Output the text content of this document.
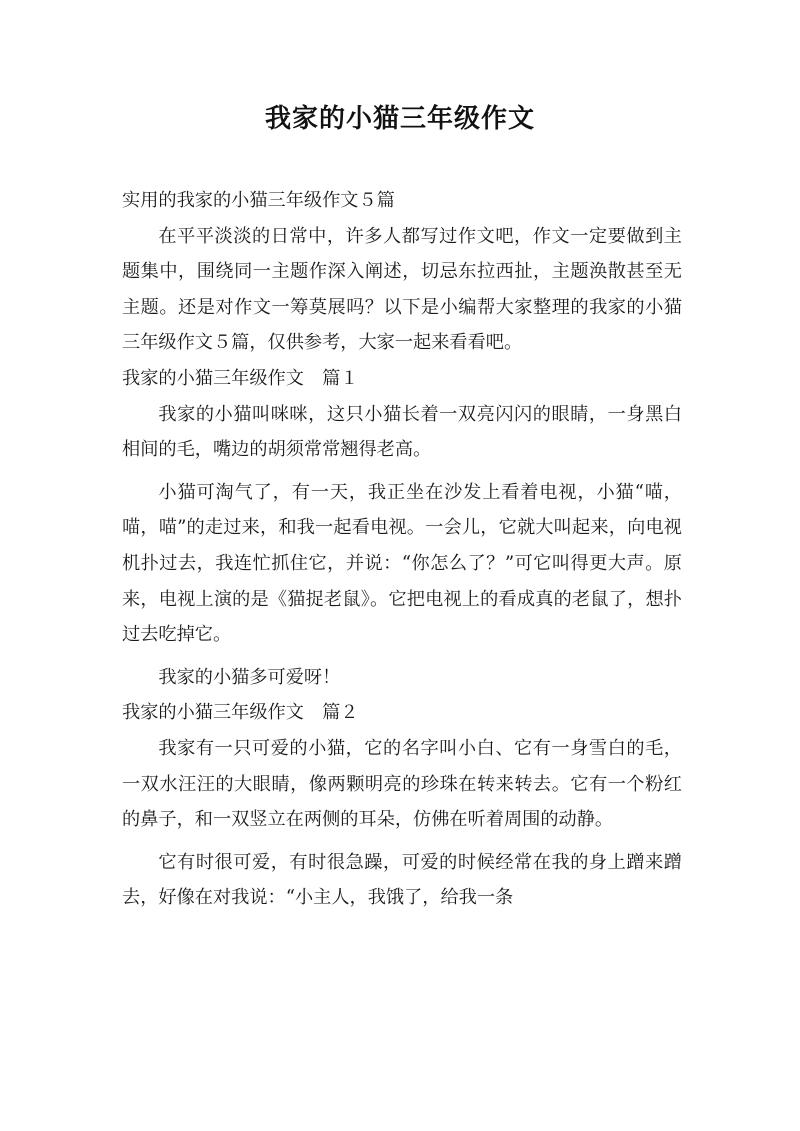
我家的小猫三年级作文

实用的我家的小猫三年级作文５篇

在平平淡淡的日常中，许多人都写过作文吧，作文一定要做到主题集中，围绕同一主题作深入阐述，切忌东拉西扯，主题涣散甚至无主题。还是对作文一筹莫展吗？以下是小编帮大家整理的我家的小猫三年级作文５篇，仅供参考，大家一起来看看吧。

我家的小猫三年级作文　篇１

我家的小猫叫咪咪，这只小猫长着一双亮闪闪的眼睛，一身黑白相间的毛，嘴边的胡须常常翘得老高。

小猫可淘气了，有一天，我正坐在沙发上看着电视，小猫“喵，喵，喵”的走过来，和我一起看电视。一会儿，它就大叫起来，向电视机扑过去，我连忙抓住它，并说：“你怎么了？”可它叫得更大声。原来，电视上演的是《猫捉老鼠》。它把电视上的看成真的老鼠了，想扑过去吃掉它。

我家的小猫多可爱呀！

我家的小猫三年级作文　篇２

我家有一只可爱的小猫，它的名字叫小白、它有一身雪白的毛，一双水汪汪的大眼睛，像两颗明亮的珍珠在转来转去。它有一个粉红的鼻子，和一双竖立在两侧的耳朵，仿佛在听着周围的动静。

它有时很可爱，有时很急躁，可爱的时候经常在我的身上蹭来蹭去，好像在对我说：“小主人，我饿了，给我一条
